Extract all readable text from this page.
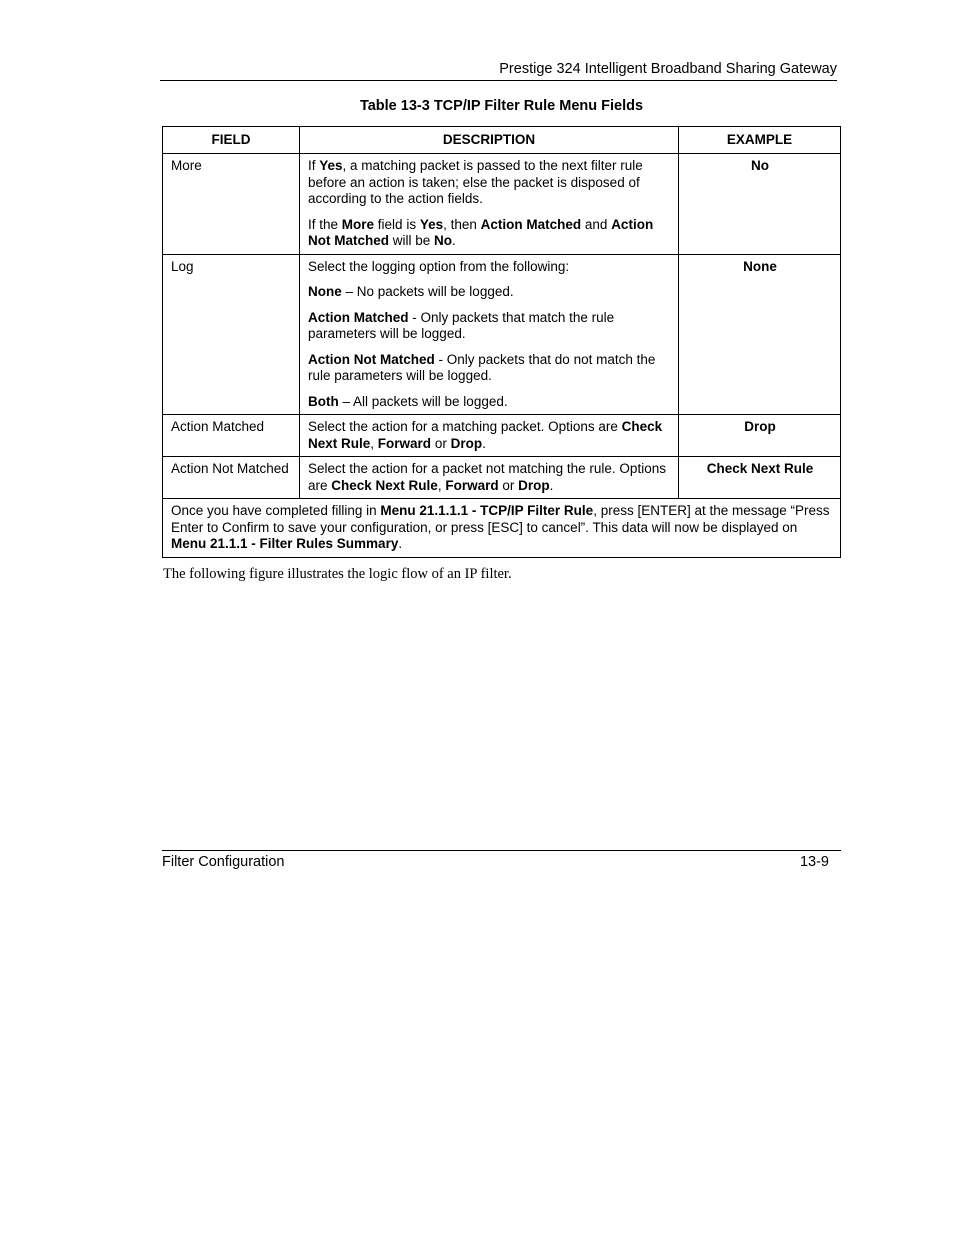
Prestige 324 Intelligent Broadband Sharing Gateway
Table 13-3 TCP/IP Filter Rule Menu Fields
FIELD	DESCRIPTION	EXAMPLE
More	If Yes, a matching packet is passed to the next filter rule before an action is taken; else the packet is disposed of according to the action fields.

If the More field is Yes, then Action Matched and Action Not Matched will be No.	No
Log	Select the logging option from the following:

None – No packets will be logged.

Action Matched - Only packets that match the rule parameters will be logged.

Action Not Matched - Only packets that do not match the rule parameters will be logged.

Both – All packets will be logged.	None
Action Matched	Select the action for a matching packet. Options are Check Next Rule, Forward or Drop.	Drop
Action Not Matched	Select the action for a packet not matching the rule. Options are Check Next Rule, Forward or Drop.	Check Next Rule
Once you have completed filling in Menu 21.1.1.1 - TCP/IP Filter Rule, press [ENTER] at the message “Press Enter to Confirm to save your configuration, or press [ESC] to cancel”. This data will now be displayed on Menu 21.1.1 - Filter Rules Summary.		
The following figure illustrates the logic flow of an IP filter.
Filter Configuration	13-9
